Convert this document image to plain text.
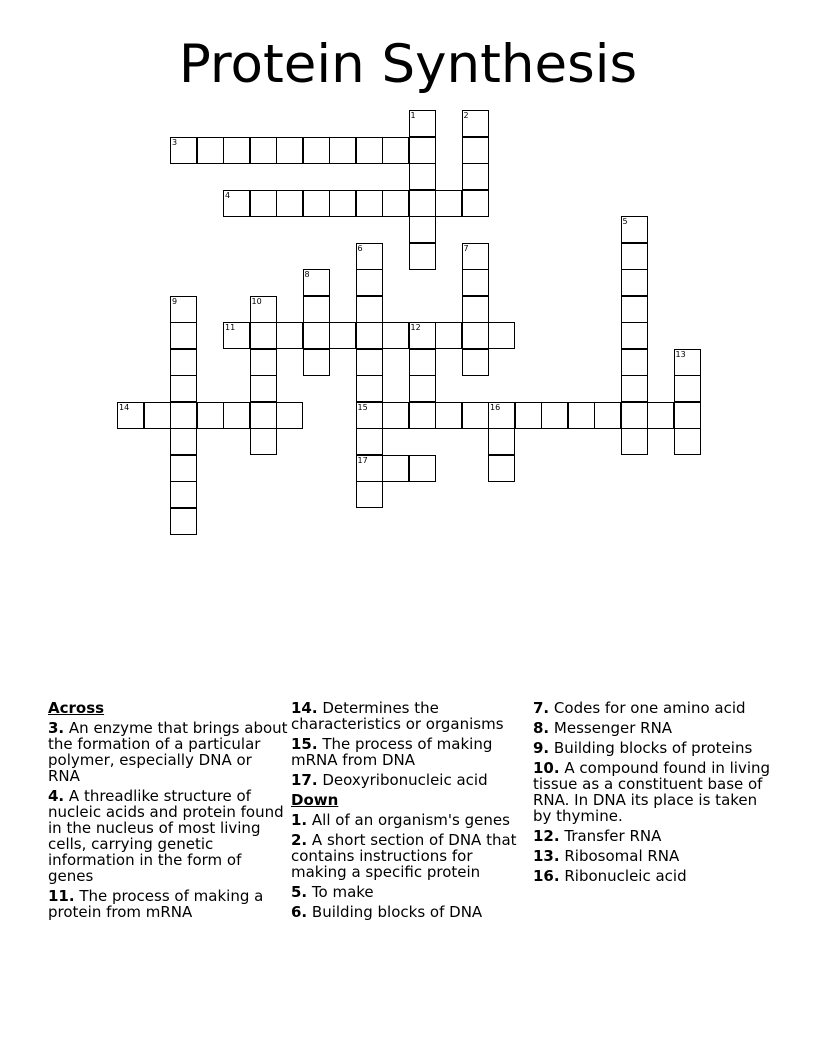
Protein Synthesis
1	2
3
4
5
6	7
8
9	10
11	12
13
14	15	16
17
Across
3. An enzyme that brings about the formation of a particular polymer, especially DNA or RNA
4. A threadlike structure of nucleic acids and protein found in the nucleus of most living cells, carrying genetic information in the form of genes
11. The process of making a protein from mRNA
14. Determines the characteristics or organisms
15. The process of making mRNA from DNA
17. Deoxyribonucleic acid
Down
1. All of an organism's genes
2. A short section of DNA that contains instructions for making a specific protein
5. To make
6. Building blocks of DNA
7. Codes for one amino acid
8. Messenger RNA
9. Building blocks of proteins
10. A compound found in living tissue as a constituent base of RNA. In DNA its place is taken by thymine.
12. Transfer RNA
13. Ribosomal RNA
16. Ribonucleic acid
